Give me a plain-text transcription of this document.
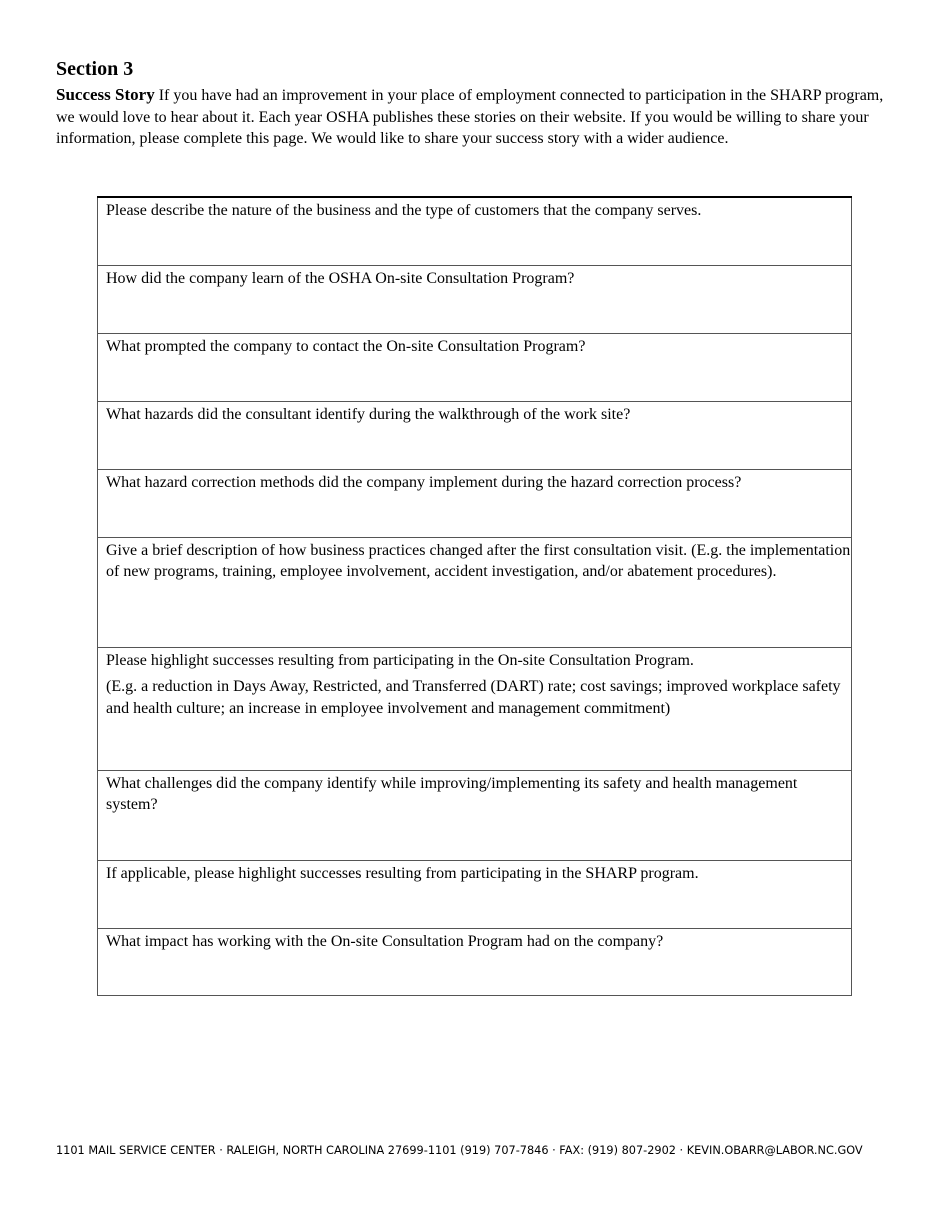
Section 3
Success Story If you have had an improvement in your place of employment connected to participation in the SHARP program, we would love to hear about it. Each year OSHA publishes these stories on their website. If you would be willing to share your information, please complete this page. We would like to share your success story with a wider audience.

Please describe the nature of the business and the type of customers that the company serves.

How did the company learn of the OSHA On-site Consultation Program?

What prompted the company to contact the On-site Consultation Program?

What hazards did the consultant identify during the walkthrough of the work site?

What hazard correction methods did the company implement during the hazard correction process?

Give a brief description of how business practices changed after the first consultation visit. (E.g. the implementation of new programs, training, employee involvement, accident investigation, and/or abatement procedures).

Please highlight successes resulting from participating in the On-site Consultation Program.

(E.g. a reduction in Days Away, Restricted, and Transferred (DART) rate; cost savings; improved workplace safety and health culture; an increase in employee involvement and management commitment)

What challenges did the company identify while improving/implementing its safety and health management system?

If applicable, please highlight successes resulting from participating in the SHARP program.

What impact has working with the On-site Consultation Program had on the company?

1101 MAIL SERVICE CENTER · RALEIGH, NORTH CAROLINA 27699-1101 (919) 707-7846 · FAX: (919) 807-2902 · KEVIN.OBARR@LABOR.NC.GOV
